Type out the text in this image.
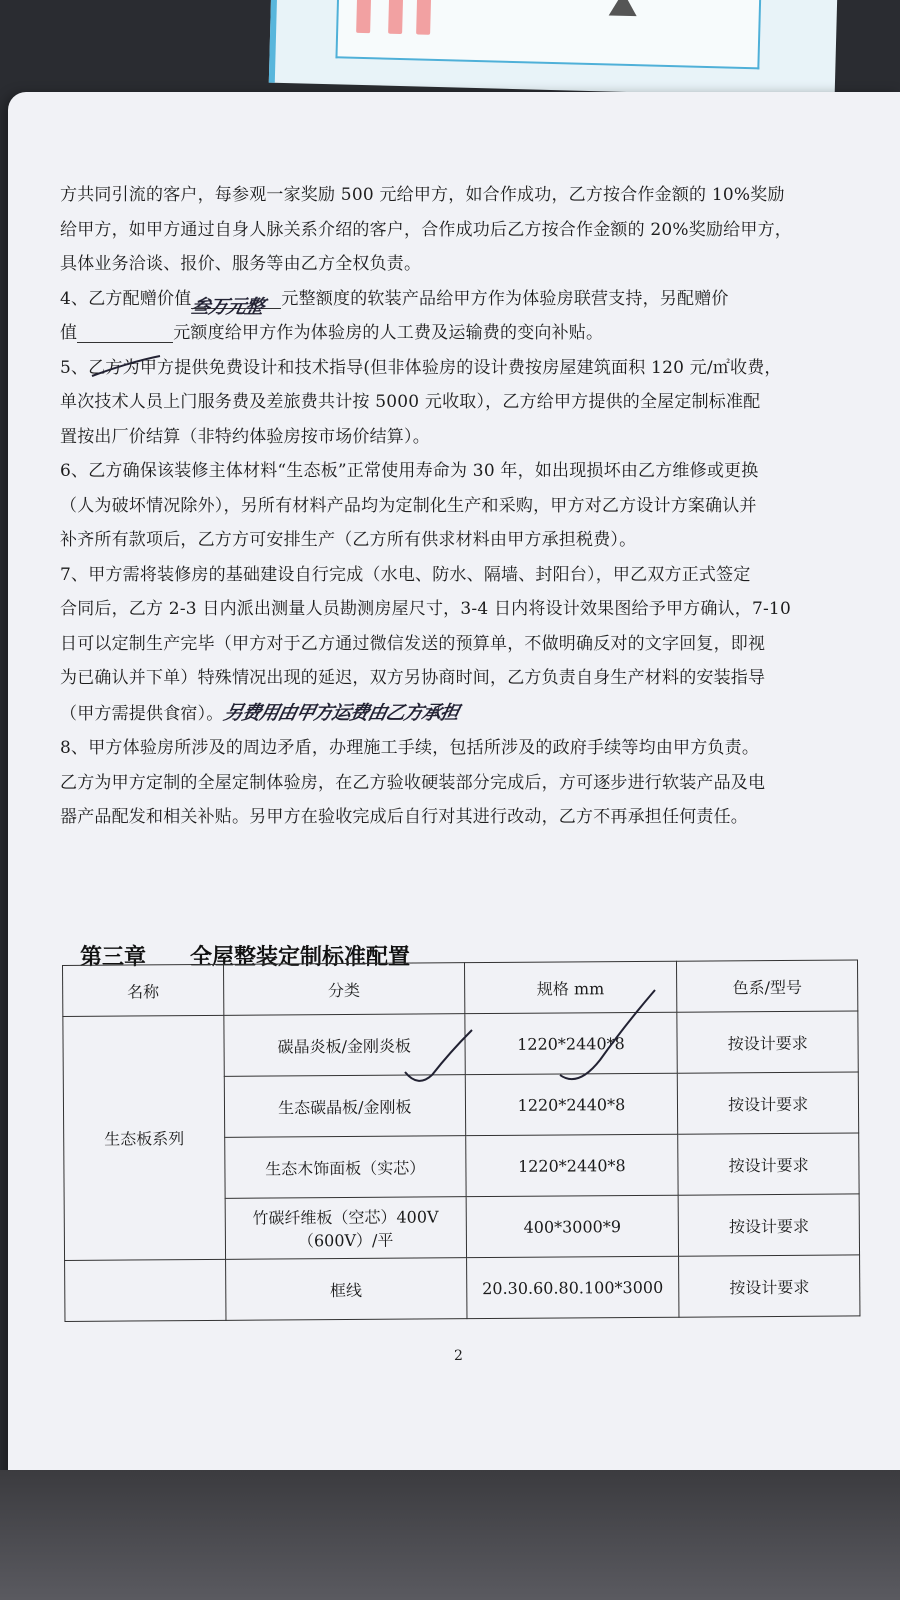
方共同引流的客户，每参观一家奖励 500 元给甲方，如合作成功，乙方按合作金额的 10%奖励

给甲方，如甲方通过自身人脉关系介绍的客户，合作成功后乙方按合作金额的 20%奖励给甲方，

具体业务洽谈、报价、服务等由乙方全权负责。

4、乙方配赠价值叁万元整 元整额度的软装产品给甲方作为体验房联营支持，另配赠价

值	元额度给甲方作为体验房的人工费及运输费的变向补贴。

5、乙方为甲方提供免费设计和技术指导(但非体验房的设计费按房屋建筑面积 120 元/㎡收费，

单次技术人员上门服务费及差旅费共计按 5000 元收取），乙方给甲方提供的全屋定制标准配

置按出厂价结算（非特约体验房按市场价结算）。

6、乙方确保该装修主体材料“生态板”正常使用寿命为 30 年，如出现损坏由乙方维修或更换

（人为破坏情况除外），另所有材料产品均为定制化生产和采购，甲方对乙方设计方案确认并

补齐所有款项后，乙方方可安排生产（乙方所有供求材料由甲方承担税费）。

7、甲方需将装修房的基础建设自行完成（水电、防水、隔墙、封阳台），甲乙双方正式签定

合同后，乙方 2-3 日内派出测量人员勘测房屋尺寸，3-4 日内将设计效果图给予甲方确认，7-10

日可以定制生产完毕（甲方对于乙方通过微信发送的预算单，不做明确反对的文字回复，即视

为已确认并下单）特殊情况出现的延迟，双方另协商时间，乙方负责自身生产材料的安装指导

（甲方需提供食宿）。另费用由甲方运费由乙方承担

8、甲方体验房所涉及的周边矛盾，办理施工手续，包括所涉及的政府手续等均由甲方负责。

乙方为甲方定制的全屋定制体验房，在乙方验收硬装部分完成后，方可逐步进行软装产品及电

器产品配发和相关补贴。另甲方在验收完成后自行对其进行改动，乙方不再承担任何责任。

第三章　　全屋整装定制标准配置
名称	分类	规格 mm	色系/型号
生态板系列	碳晶炎板/金刚炎板	1220*2440*8	按设计要求
	生态碳晶板/金刚板	1220*2440*8	按设计要求
	生态木饰面板（实芯）	1220*2440*8	按设计要求
	竹碳纤维板（空芯）400V（600V）/平	400*3000*9	按设计要求
	框线	20.30.60.80.100*3000	按设计要求
2
